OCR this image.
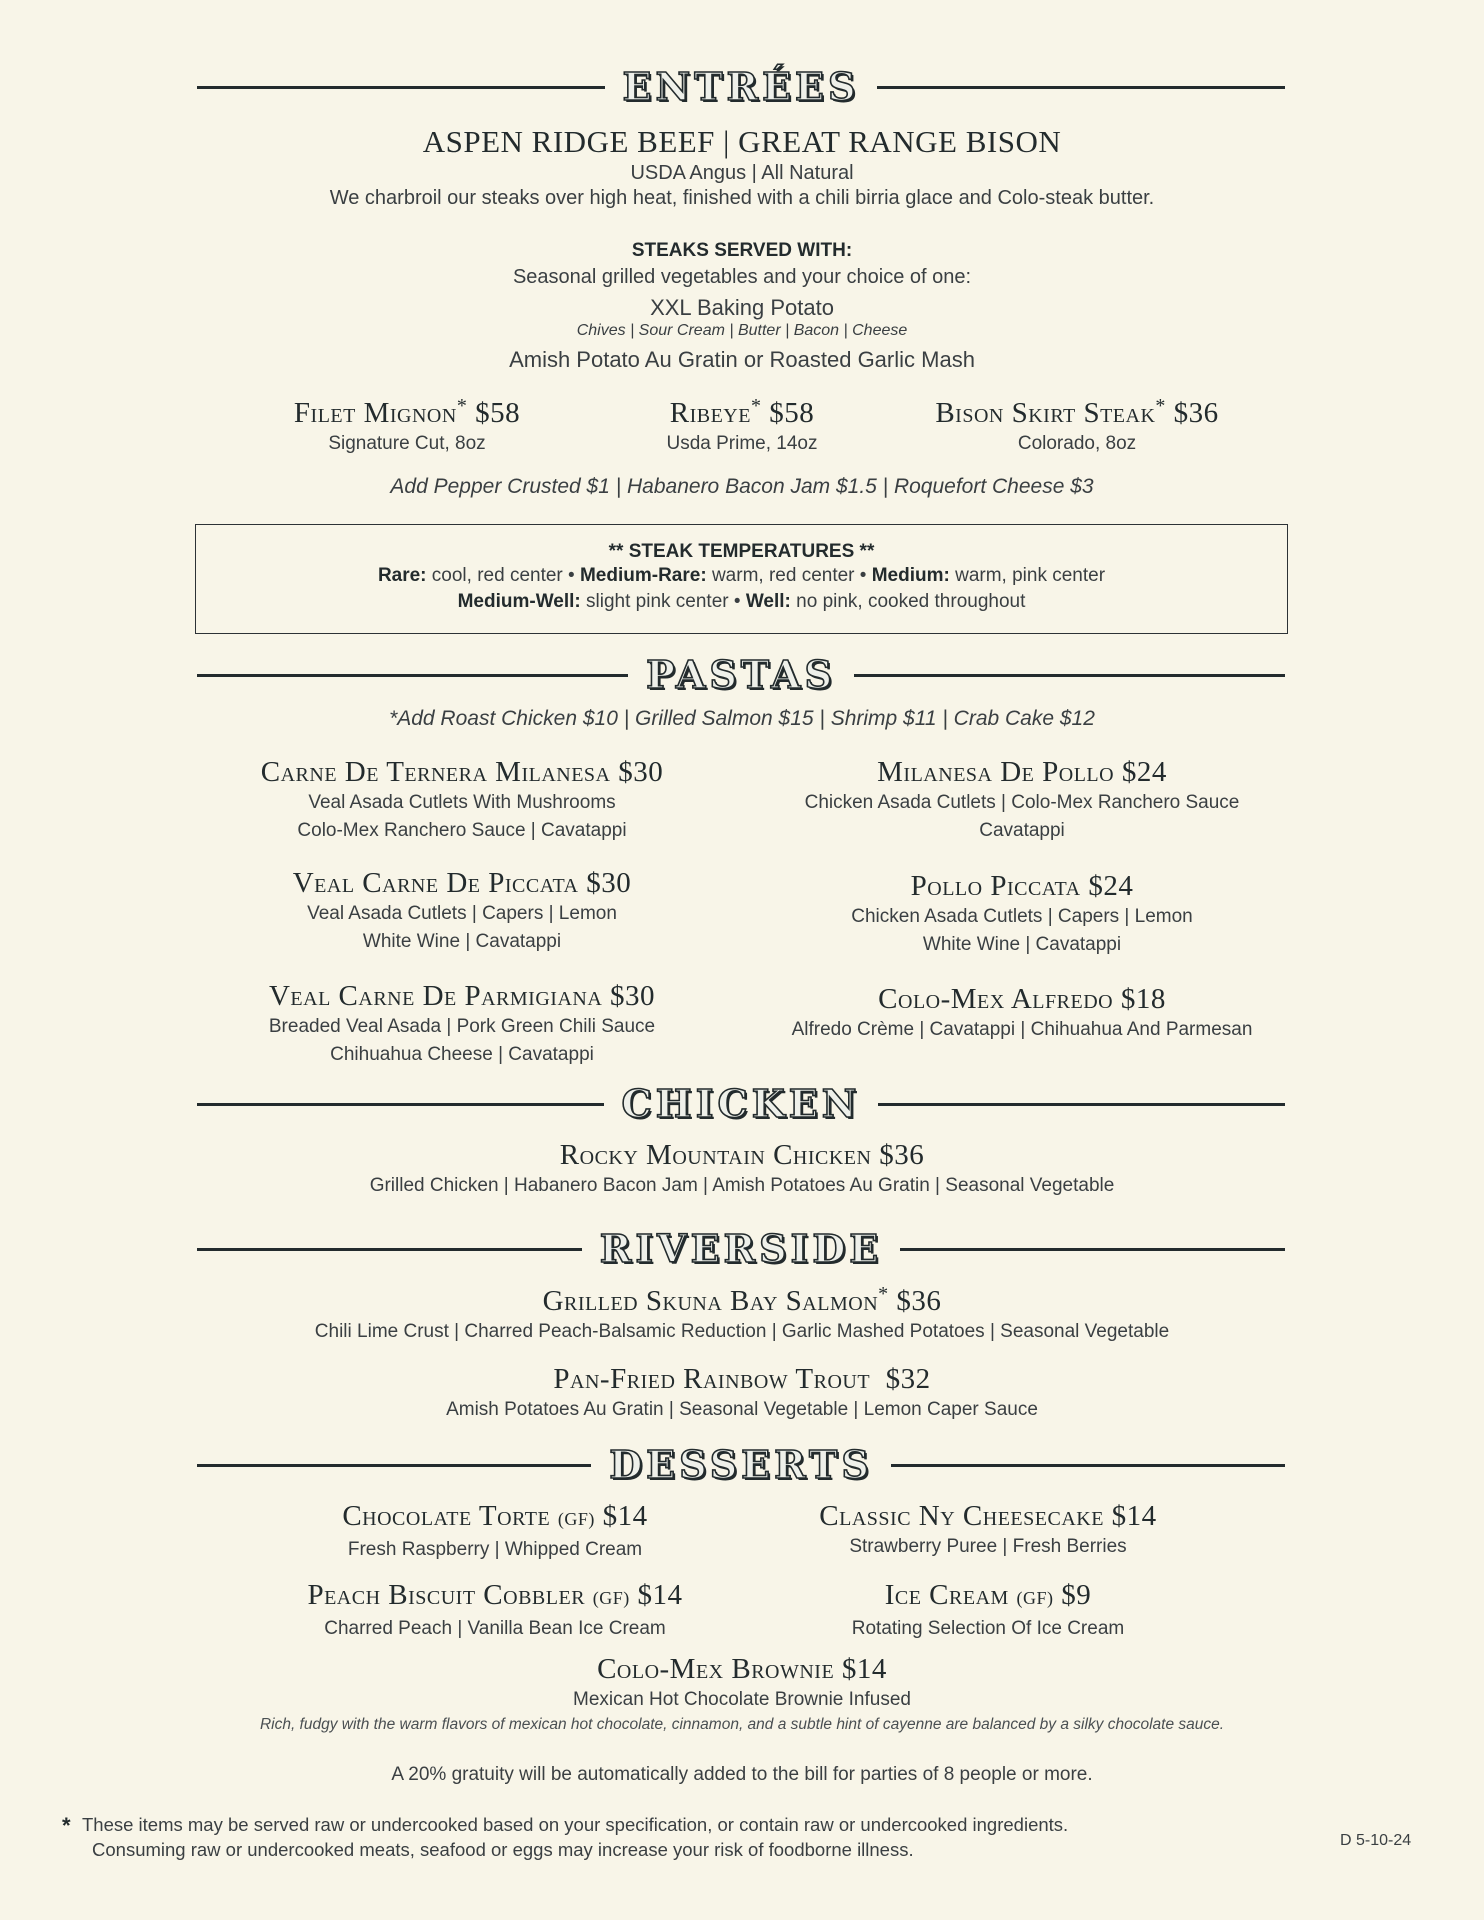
ENTRÉES
ASPEN RIDGE BEEF | GREAT RANGE BISON
USDA Angus | All Natural
We charbroil our steaks over high heat, finished with a chili birria glace and Colo-steak butter.
STEAKS SERVED WITH:
Seasonal grilled vegetables and your choice of one:
XXL Baking Potato
Chives | Sour Cream | Butter | Bacon | Cheese
Amish Potato Au Gratin or Roasted Garlic Mash
Filet Mignon* $58
Signature Cut, 8oz
Ribeye* $58
Usda Prime, 14oz
Bison Skirt Steak* $36
Colorado, 8oz
Add Pepper Crusted $1 | Habanero Bacon Jam $1.5 | Roquefort Cheese $3
** STEAK TEMPERATURES **
Rare: cool, red center • Medium-Rare: warm, red center • Medium: warm, pink center
Medium-Well: slight pink center • Well: no pink, cooked throughout
PASTAS
*Add Roast Chicken $10 | Grilled Salmon $15 | Shrimp $11 | Crab Cake $12
Carne De Ternera Milanesa $30
Veal Asada Cutlets With Mushrooms
Colo-Mex Ranchero Sauce | Cavatappi
Veal Carne De Piccata $30
Veal Asada Cutlets | Capers | Lemon
White Wine | Cavatappi
Veal Carne De Parmigiana $30
Breaded Veal Asada | Pork Green Chili Sauce
Chihuahua Cheese | Cavatappi
Milanesa De Pollo $24
Chicken Asada Cutlets | Colo-Mex Ranchero Sauce
Cavatappi
Pollo Piccata $24
Chicken Asada Cutlets | Capers | Lemon
White Wine | Cavatappi
Colo-Mex Alfredo $18
Alfredo Crème | Cavatappi | Chihuahua And Parmesan
CHICKEN
Rocky Mountain Chicken $36
Grilled Chicken | Habanero Bacon Jam | Amish Potatoes Au Gratin | Seasonal Vegetable
RIVERSIDE
Grilled Skuna Bay Salmon* $36
Chili Lime Crust | Charred Peach-Balsamic Reduction | Garlic Mashed Potatoes | Seasonal Vegetable
Pan-Fried Rainbow Trout  $32
Amish Potatoes Au Gratin | Seasonal Vegetable | Lemon Caper Sauce
DESSERTS
Chocolate Torte (GF) $14
Fresh Raspberry | Whipped Cream
Classic Ny Cheesecake $14
Strawberry Puree | Fresh Berries
Peach Biscuit Cobbler (GF) $14
Charred Peach | Vanilla Bean Ice Cream
Ice Cream (GF) $9
Rotating Selection Of Ice Cream
Colo-Mex Brownie $14
Mexican Hot Chocolate Brownie Infused
Rich, fudgy with the warm flavors of mexican hot chocolate, cinnamon, and a subtle hint of cayenne are balanced by a silky chocolate sauce.
A 20% gratuity will be automatically added to the bill for parties of 8 people or more.
* These items may be served raw or undercooked based on your specification, or contain raw or undercooked ingredients.
Consuming raw or undercooked meats, seafood or eggs may increase your risk of foodborne illness.	D 5-10-24
